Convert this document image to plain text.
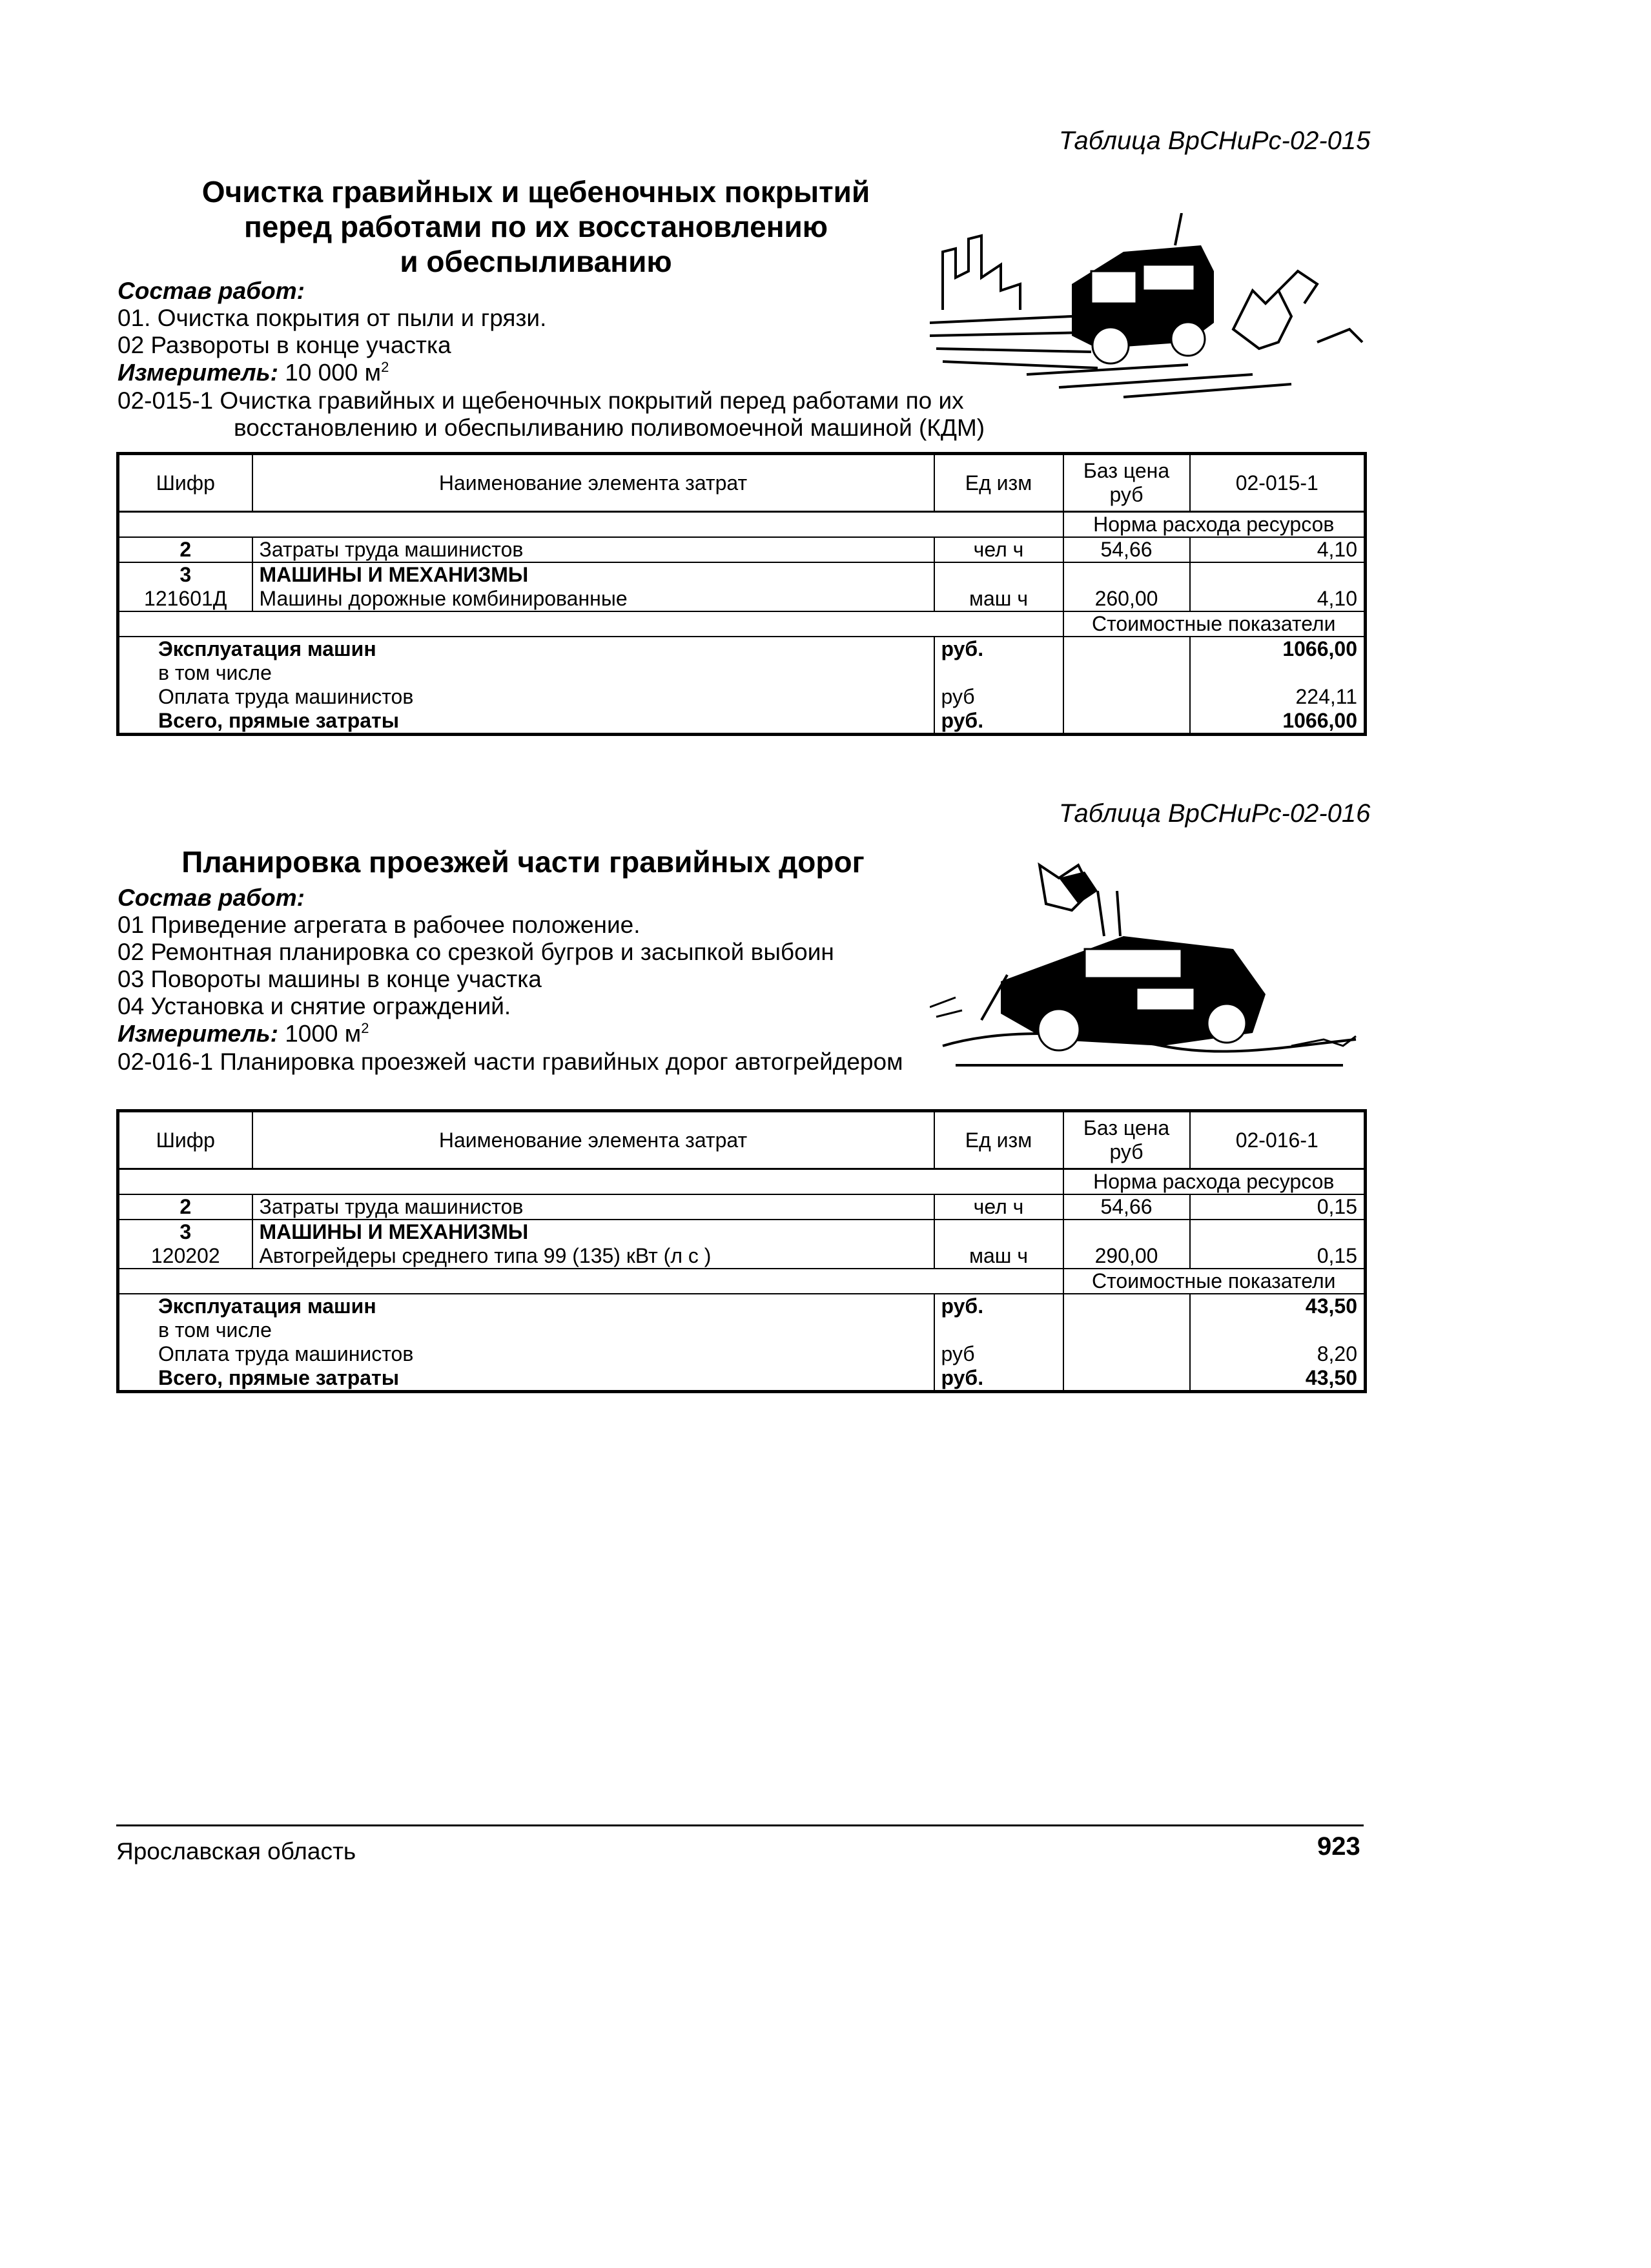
Таблица ВрСНиРс-02-015
Очистка гравийных и щебеночных покрытий
перед работами по их восстановлению
и обеспыливанию
Состав работ:
01. Очистка покрытия от пыли и грязи.
02 Развороты в конце участка
Измеритель: 10 000 $м^2$
02-015-1 Очистка гравийных и щебеночных покрытий перед работами по их
восстановлению и обеспыливанию поливомоечной машиной (КДМ)
Шифр	Наименование элемента затрат	Ед изм	Баз цена руб	02-015-1
			Норма расхода ресурсов	
2	Затраты труда машинистов	чел ч	54,66	4,10
3	МАШИНЫ И МЕХАНИЗМЫ			
121601Д	Машины дорожные комбинированные	маш ч	260,00	4,10
			Стоимостные показатели	
Эксплуатация машин		руб.		1066,00
в том числе				
Оплата труда машинистов		руб		224,11
Всего, прямые затраты		руб.		1066,00
Таблица ВрСНиРс-02-016
Планировка проезжей части гравийных дорог
Состав работ:
01 Приведение агрегата в рабочее положение.
02 Ремонтная планировка со срезкой бугров и засыпкой выбоин
03 Повороты машины в конце участка
04 Установка и снятие ограждений.
Измеритель: 1000 $м^2$
02-016-1 Планировка проезжей части гравийных дорог автогрейдером
Шифр	Наименование элемента затрат	Ед изм	Баз цена руб	02-016-1
			Норма расхода ресурсов	
2	Затраты труда машинистов	чел ч	54,66	0,15
3	МАШИНЫ И МЕХАНИЗМЫ			
120202	Автогрейдеры среднего типа 99 (135) кВт (л с )	маш ч	290,00	0,15
			Стоимостные показатели	
Эксплуатация машин		руб.		43,50
в том числе				
Оплата труда машинистов		руб		8,20
Всего, прямые затраты		руб.		43,50
Ярославская область	923
